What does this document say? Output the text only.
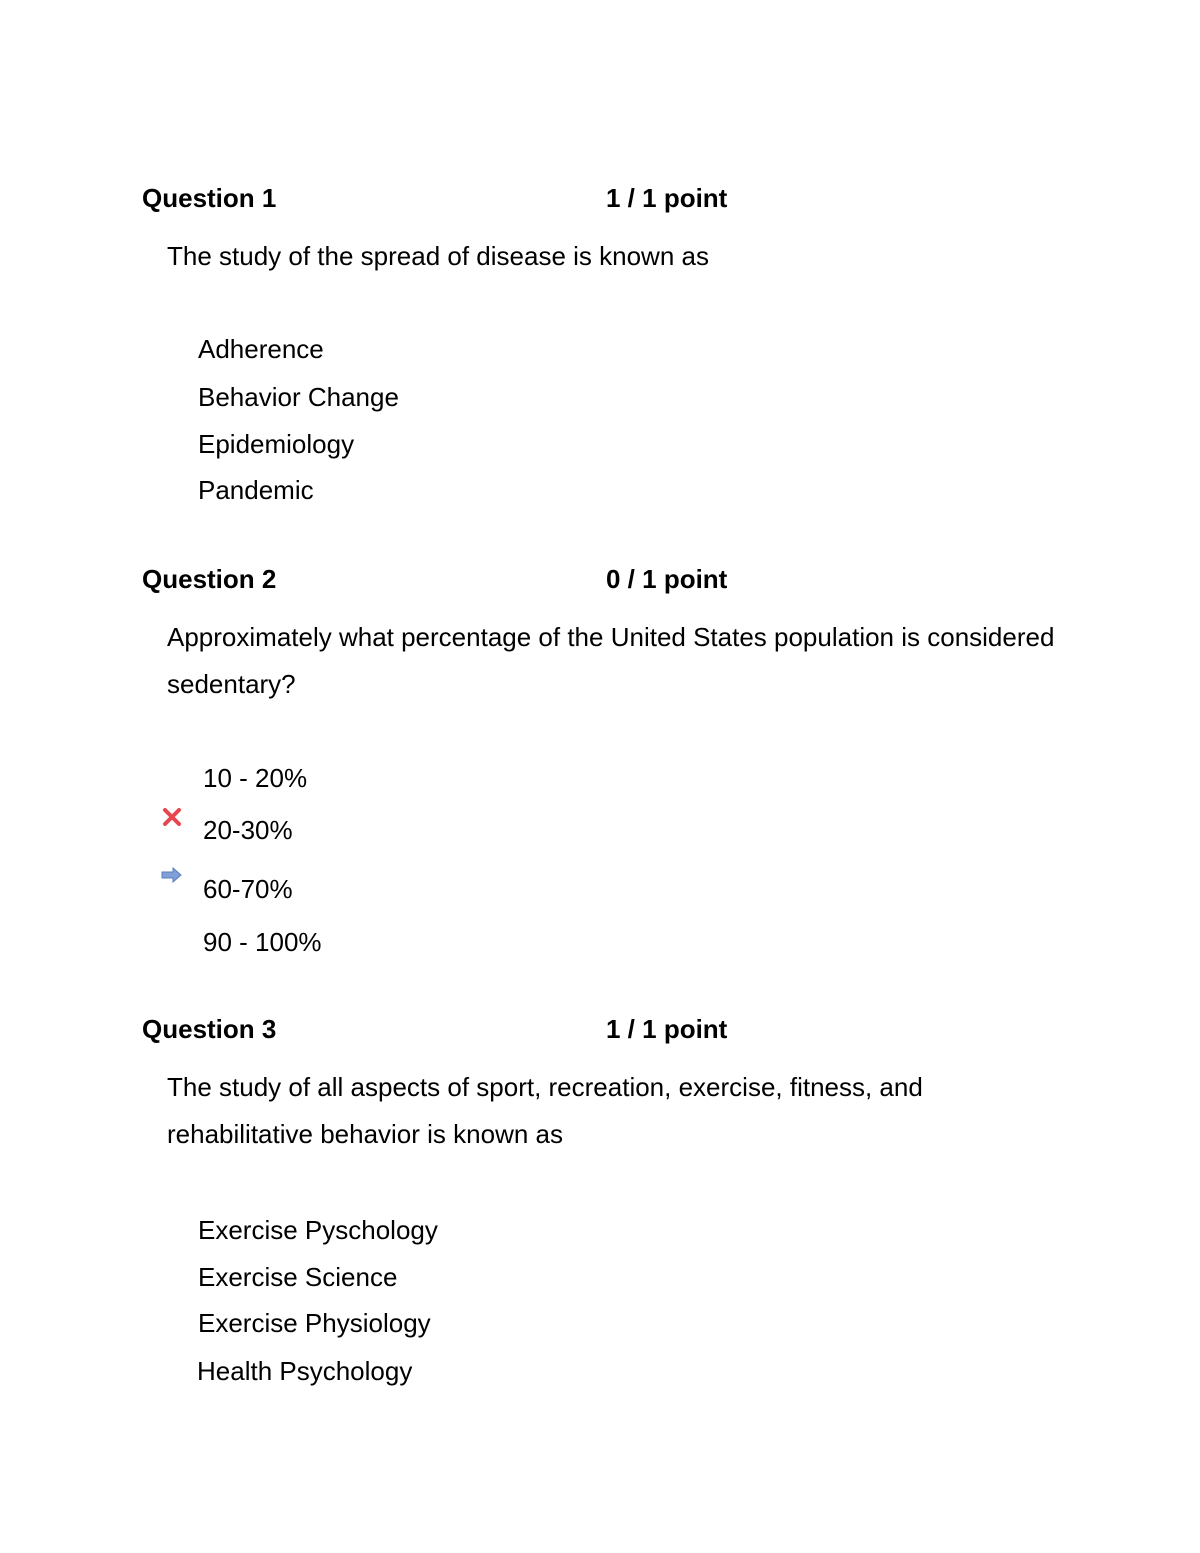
Question 1	1 / 1 point
The study of the spread of disease is known as
Adherence
Behavior Change
Epidemiology
Pandemic
Question 2	0 / 1 point
Approximately what percentage of the United States population is considered sedentary?
10 - 20%
20-30%
60-70%
90 - 100%
Question 3	1 / 1 point
The study of all aspects of sport, recreation, exercise, fitness, and rehabilitative behavior is known as
Exercise Pyschology
Exercise Science
Exercise Physiology
Health Psychology
